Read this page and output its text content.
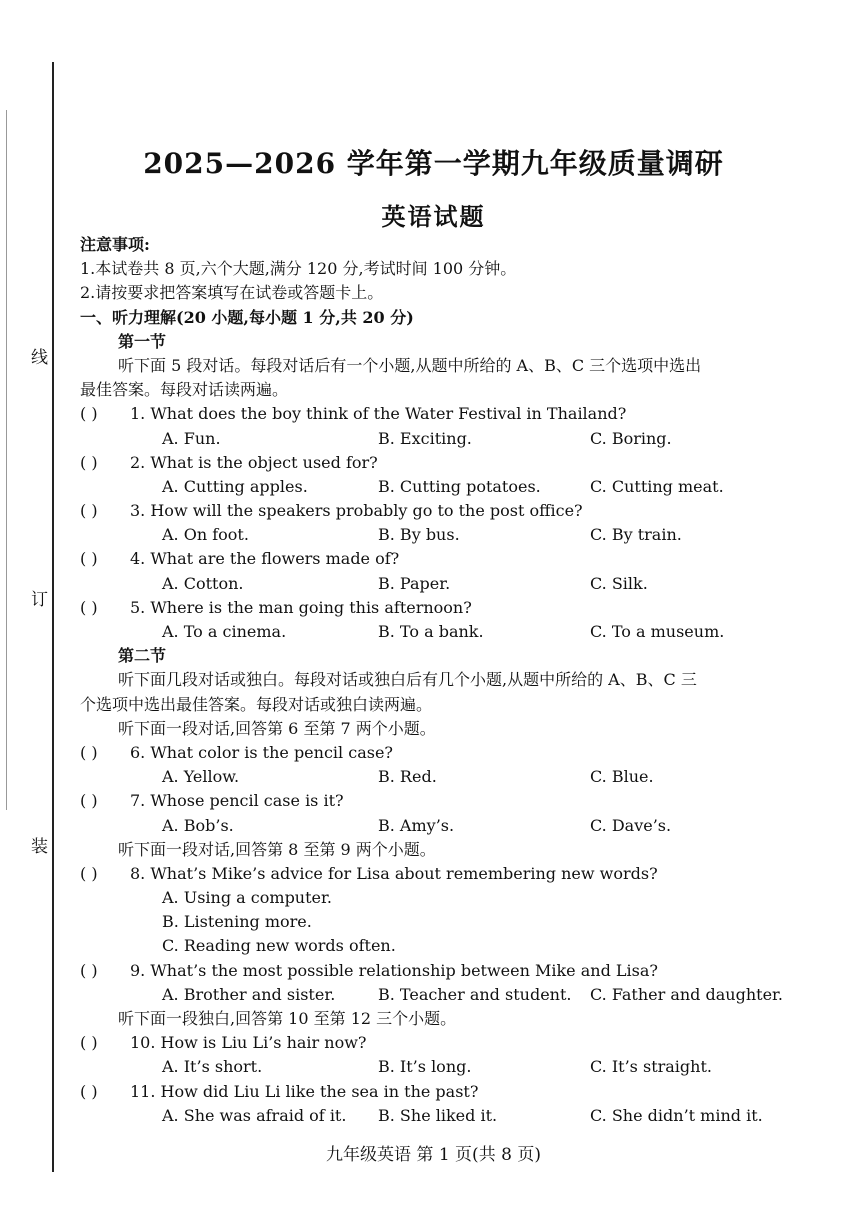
线
订
装
2025—2026 学年第一学期九年级质量调研
英语试题
注意事项:
1.本试卷共 8 页,六个大题,满分 120 分,考试时间 100 分钟。
2.请按要求把答案填写在试卷或答题卡上。
一、听力理解(20 小题,每小题 1 分,共 20 分)
第一节
听下面 5 段对话。每段对话后有一个小题,从题中所给的 A、B、C 三个选项中选出
最佳答案。每段对话读两遍。
( ) 1. What does the boy think of the Water Festival in Thailand?
A. Fun.	B. Exciting.	C. Boring.
( ) 2. What is the object used for?
A. Cutting apples.	B. Cutting potatoes.	C. Cutting meat.
( ) 3. How will the speakers probably go to the post office?
A. On foot.	B. By bus.	C. By train.
( ) 4. What are the flowers made of?
A. Cotton.	B. Paper.	C. Silk.
( ) 5. Where is the man going this afternoon?
A. To a cinema.	B. To a bank.	C. To a museum.
第二节
听下面几段对话或独白。每段对话或独白后有几个小题,从题中所给的 A、B、C 三
个选项中选出最佳答案。每段对话或独白读两遍。
听下面一段对话,回答第 6 至第 7 两个小题。
( ) 6. What color is the pencil case?
A. Yellow.	B. Red.	C. Blue.
( ) 7. Whose pencil case is it?
A. Bob’s.	B. Amy’s.	C. Dave’s.
听下面一段对话,回答第 8 至第 9 两个小题。
( ) 8. What’s Mike’s advice for Lisa about remembering new words?
A. Using a computer.
B. Listening more.
C. Reading new words often.
( ) 9. What’s the most possible relationship between Mike and Lisa?
A. Brother and sister.	B. Teacher and student. C. Father and daughter.
听下面一段独白,回答第 10 至第 12 三个小题。
( ) 10. How is Liu Li’s hair now?
A. It’s short.	B. It’s long.	C. It’s straight.
( ) 11. How did Liu Li like the sea in the past?
A. She was afraid of it. B. She liked it.	C. She didn’t mind it.
九年级英语 第 1 页(共 8 页)
